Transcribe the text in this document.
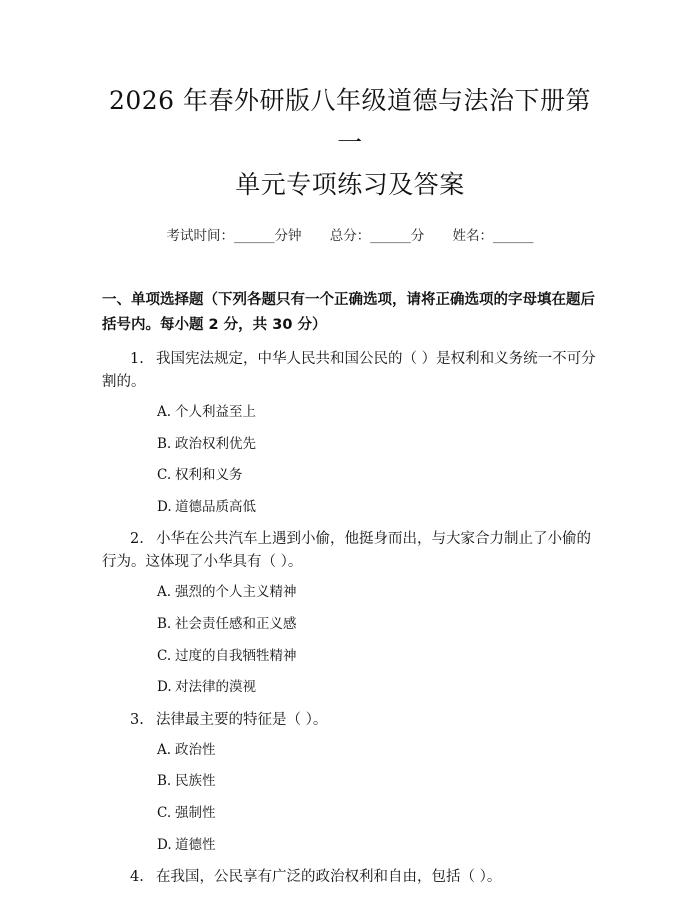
2026 年春外研版八年级道德与法治下册第一
单元专项练习及答案
考试时间：______分钟 总分：______分 姓名：______
一、单项选择题（下列各题只有一个正确选项，请将正确选项的字母填在题后括号内。每小题 2 分，共 30 分）
1. 我国宪法规定，中华人民共和国公民的（ ）是权利和义务统一不可分割的。
A. 个人利益至上
B. 政治权利优先
C. 权利和义务
D. 道德品质高低
2. 小华在公共汽车上遇到小偷，他挺身而出，与大家合力制止了小偷的行为。这体现了小华具有（ ）。
A. 强烈的个人主义精神
B. 社会责任感和正义感
C. 过度的自我牺牲精神
D. 对法律的漠视
3. 法律最主要的特征是（ ）。
A. 政治性
B. 民族性
C. 强制性
D. 道德性
4. 在我国，公民享有广泛的政治权利和自由，包括（ ）。
